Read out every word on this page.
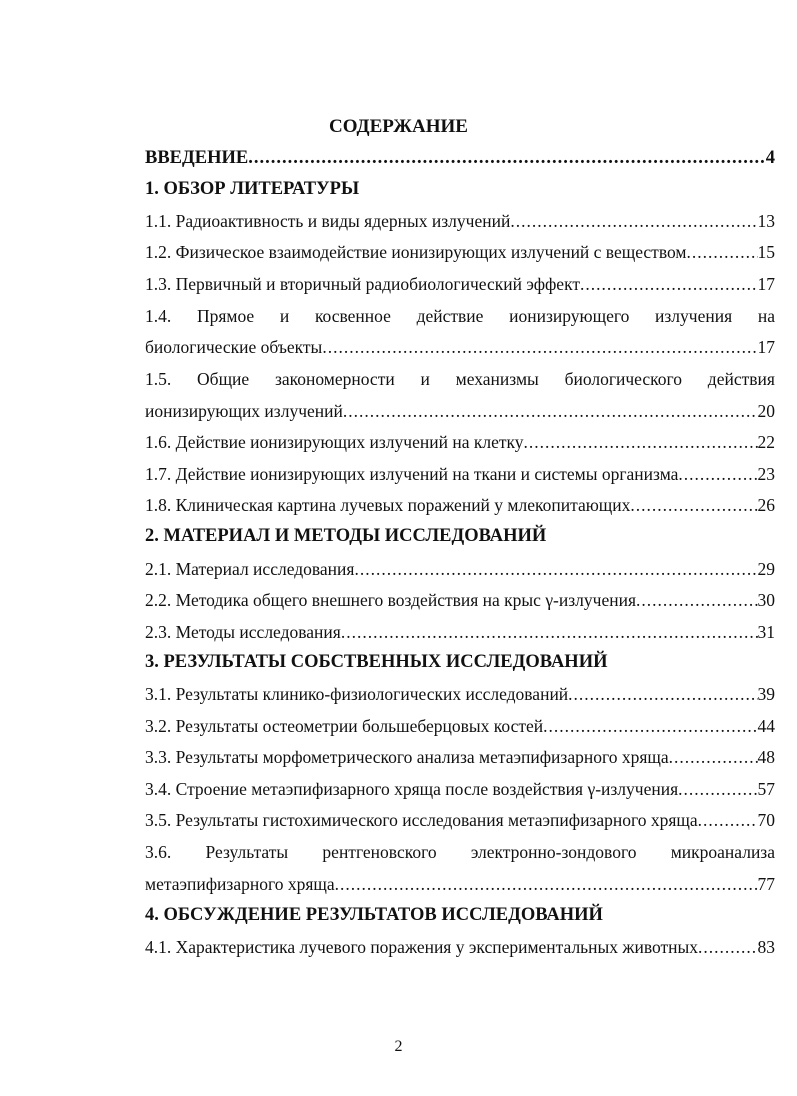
СОДЕРЖАНИЕ
ВВЕДЕНИЕ .....	4
1. ОБЗОР ЛИТЕРАТУРЫ
1.1. Радиоактивность и виды ядерных излучений .....	13
1.2. Физическое взаимодействие ионизирующих излучений с веществом .....	15
1.3. Первичный и вторичный радиобиологический эффект .....	17
1.4. Прямое и косвенное действие ионизирующего излучения на
биологические объекты .....	17
1.5. Общие закономерности и механизмы биологического действия
ионизирующих излучений .....	20
1.6. Действие ионизирующих излучений на клетку .....	22
1.7. Действие ионизирующих излучений на ткани и системы организма .....	23
1.8. Клиническая картина лучевых поражений у млекопитающих .....	26
2. МАТЕРИАЛ И МЕТОДЫ ИССЛЕДОВАНИЙ
2.1. Материал исследования .....	29
2.2. Методика общего внешнего воздействия на крыс γ-излучения .....	30
2.3. Методы исследования .....	31
3. РЕЗУЛЬТАТЫ СОБСТВЕННЫХ ИССЛЕДОВАНИЙ
3.1. Результаты клинико-физиологических исследований .....	39
3.2. Результаты остеометрии большеберцовых костей .....	44
3.3. Результаты морфометрического анализа метаэпифизарного хряща .....	48
3.4. Строение метаэпифизарного хряща после воздействия γ-излучения .....	57
3.5. Результаты гистохимического исследования метаэпифизарного хряща .....	70
3.6. Результаты рентгеновского электронно-зондового микроанализа
метаэпифизарного хряща .....	77
4. ОБСУЖДЕНИЕ РЕЗУЛЬТАТОВ ИССЛЕДОВАНИЙ
4.1. Характеристика лучевого поражения у экспериментальных животных .....	83
2
